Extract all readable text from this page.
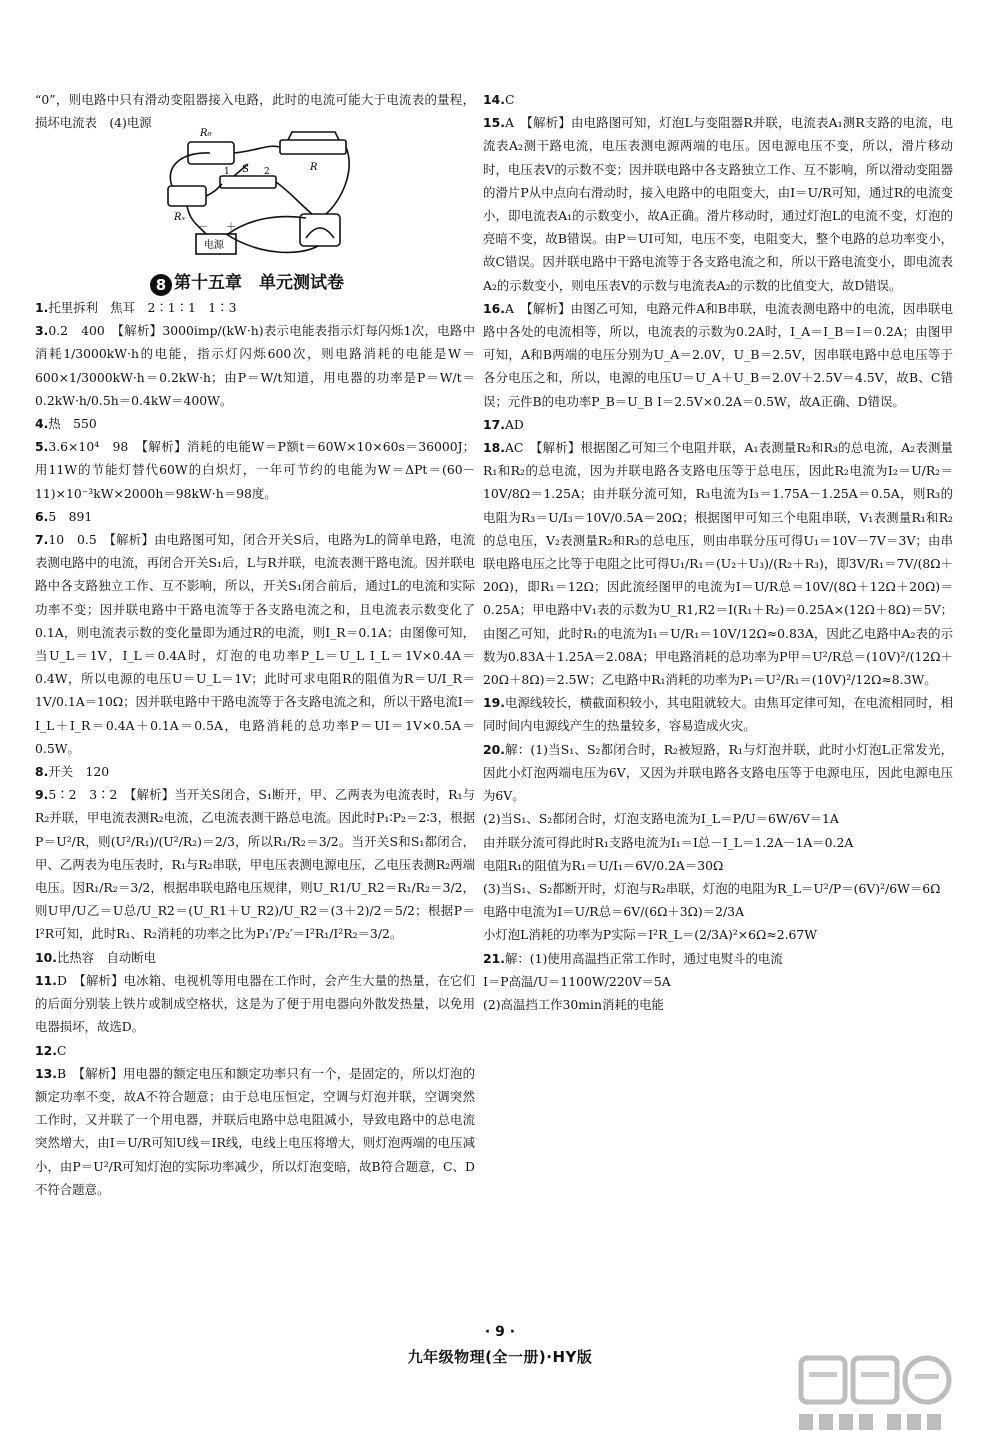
“0”，则电路中只有滑动变阻器接入电路，此时的电流可能大于电流表的量程，损坏电流表　(4)电源

R₀
R
S
1	2
Rₓ
－ ＋
电源
8 第十五章　单元测试卷

1.托里拆利　焦耳　2∶1∶1　1∶3

3.0.2　400　【解析】3000imp/(kW·h)表示电能表指示灯每闪烁1次，电路中消耗1/3000kW·h的电能，指示灯闪烁600次，则电路消耗的电能是W＝600×1/3000kW·h＝0.2kW·h；由P＝W/t知道，用电器的功率是P＝W/t＝0.2kW·h/0.5h＝0.4kW＝400W。

4.热　550

5.3.6×10⁴　98　【解析】消耗的电能W＝P额t＝60W×10×60s＝36000J；用11W的节能灯替代60W的白炽灯，一年可节约的电能为W＝ΔPt＝(60－11)×10⁻³kW×2000h＝98kW·h＝98度。

6.5　891

7.10　0.5　【解析】由电路图可知，闭合开关S后，电路为L的简单电路，电流表测电路中的电流，再闭合开关S₁后，L与R并联，电流表测干路电流。因并联电路中各支路独立工作、互不影响，所以，开关S₁闭合前后，通过L的电流和实际功率不变；因并联电路中干路电流等于各支路电流之和，且电流表示数变化了0.1A，则电流表示数的变化量即为通过R的电流，则I_R＝0.1A；由图像可知，当U_L＝1V，I_L＝0.4A时，灯泡的电功率P_L＝U_L I_L＝1V×0.4A＝0.4W，所以电源的电压U＝U_L＝1V；此时可求电阻R的阻值为R＝U/I_R＝1V/0.1A＝10Ω；因并联电路中干路电流等于各支路电流之和，所以干路电流I＝I_L＋I_R＝0.4A＋0.1A＝0.5A，电路消耗的总功率P＝UI＝1V×0.5A＝0.5W。

8.开关　120

9.5∶2　3∶2　【解析】当开关S闭合，S₁断开，甲、乙两表为电流表时，R₁与R₂并联，甲电流表测R₂电流，乙电流表测干路总电流。因此时P₁∶P₂＝2∶3，根据P＝U²/R，则(U²/R₁)/(U²/R₂)＝2/3，所以R₁/R₂＝3/2。当开关S和S₁都闭合，甲、乙两表为电压表时，R₁与R₂串联，甲电压表测电源电压，乙电压表测R₂两端电压。因R₁/R₂＝3/2，根据串联电路电压规律，则U_R1/U_R2＝R₁/R₂＝3/2，则U甲/U乙＝U总/U_R2＝(U_R1＋U_R2)/U_R2＝(3＋2)/2＝5/2；根据P＝I²R可知，此时R₁、R₂消耗的功率之比为P₁′/P₂′＝I²R₁/I²R₂＝3/2。

10.比热容　自动断电

11.D　【解析】电冰箱、电视机等用电器在工作时，会产生大量的热量，在它们的后面分别装上铁片或制成空格状，这是为了便于用电器向外散发热量，以免用电器损坏，故选D。

12.C

13.B　【解析】用电器的额定电压和额定功率只有一个，是固定的，所以灯泡的额定功率不变，故A不符合题意；由于总电压恒定，空调与灯泡并联，空调突然工作时，又并联了一个用电器，并联后电路中总电阻减小，导致电路中的总电流突然增大，由I＝U/R可知U线＝IR线，电线上电压将增大，则灯泡两端的电压减小，由P＝U²/R可知灯泡的实际功率减少，所以灯泡变暗，故B符合题意，C、D不符合题意。

14.C

15.A　【解析】由电路图可知，灯泡L与变阻器R并联，电流表A₁测R支路的电流，电流表A₂测干路电流，电压表测电源两端的电压。因电源电压不变，所以，滑片移动时，电压表V的示数不变；因并联电路中各支路独立工作、互不影响，所以滑动变阻器的滑片P从中点向右滑动时，接入电路中的电阻变大，由I＝U/R可知，通过R的电流变小，即电流表A₁的示数变小，故A正确。滑片移动时，通过灯泡L的电流不变，灯泡的亮暗不变，故B错误。由P＝UI可知，电压不变，电阻变大，整个电路的总功率变小，故C错误。因并联电路中干路电流等于各支路电流之和，所以干路电流变小，即电流表A₂的示数变小，则电压表V的示数与电流表A₂的示数的比值变大，故D错误。

16.A　【解析】由图乙可知，电路元件A和B串联，电流表测电路中的电流，因串联电路中各处的电流相等，所以，电流表的示数为0.2A时，I_A＝I_B＝I＝0.2A；由图甲可知，A和B两端的电压分别为U_A＝2.0V，U_B＝2.5V，因串联电路中总电压等于各分电压之和，所以，电源的电压U＝U_A＋U_B＝2.0V＋2.5V＝4.5V，故B、C错误；元件B的电功率P_B＝U_B I＝2.5V×0.2A＝0.5W，故A正确、D错误。

17.AD

18.AC　【解析】根据图乙可知三个电阻并联，A₁表测量R₂和R₃的总电流，A₂表测量R₁和R₂的总电流，因为并联电路各支路电压等于总电压，因此R₂电流为I₂＝U/R₂＝10V/8Ω＝1.25A；由并联分流可知，R₃电流为I₃＝1.75A－1.25A＝0.5A，则R₃的电阻为R₃＝U/I₃＝10V/0.5A＝20Ω；根据图甲可知三个电阻串联，V₁表测量R₁和R₂的总电压，V₂表测量R₂和R₃的总电压，则由串联分压可得U₁＝10V－7V＝3V；由串联电路电压之比等于电阻之比可得U₁/R₁＝(U₂＋U₃)/(R₂＋R₃)，即3V/R₁＝7V/(8Ω＋20Ω)，即R₁＝12Ω；因此流经图甲的电流为I＝U/R总＝10V/(8Ω＋12Ω＋20Ω)＝0.25A；甲电路中V₁表的示数为U_R1,R2＝I(R₁＋R₂)＝0.25A×(12Ω＋8Ω)＝5V；由图乙可知，此时R₁的电流为I₁＝U/R₁＝10V/12Ω≈0.83A，因此乙电路中A₂表的示数为0.83A＋1.25A＝2.08A；甲电路消耗的总功率为P甲＝U²/R总＝(10V)²/(12Ω＋20Ω＋8Ω)＝2.5W；乙电路中R₁消耗的功率为P₁＝U²/R₁＝(10V)²/12Ω≈8.3W。

19.电源线较长，横截面积较小，其电阻就较大。由焦耳定律可知，在电流相同时，相同时间内电源线产生的热量较多，容易造成火灾。

20.解：(1)当S₁、S₂都闭合时，R₂被短路，R₁与灯泡并联，此时小灯泡L正常发光，因此小灯泡两端电压为6V，又因为并联电路各支路电压等于电源电压，因此电源电压为6V。

(2)当S₁、S₂都闭合时，灯泡支路电流为I_L＝P/U＝6W/6V＝1A

由并联分流可得此时R₁支路电流为I₁＝I总－I_L＝1.2A－1A＝0.2A

电阻R₁的阻值为R₁＝U/I₁＝6V/0.2A＝30Ω

(3)当S₁、S₂都断开时，灯泡与R₂串联，灯泡的电阻为R_L＝U²/P＝(6V)²/6W＝6Ω

电路中电流为I＝U/R总＝6V/(6Ω＋3Ω)＝2/3A

小灯泡L消耗的功率为P实际＝I²R_L＝(2/3A)²×6Ω≈2.67W

21.解：(1)使用高温挡正常工作时，通过电熨斗的电流

I＝P高温/U＝1100W/220V＝5A

(2)高温挡工作30min消耗的电能

· 9 ·
九年级物理(全一册)·HY版
